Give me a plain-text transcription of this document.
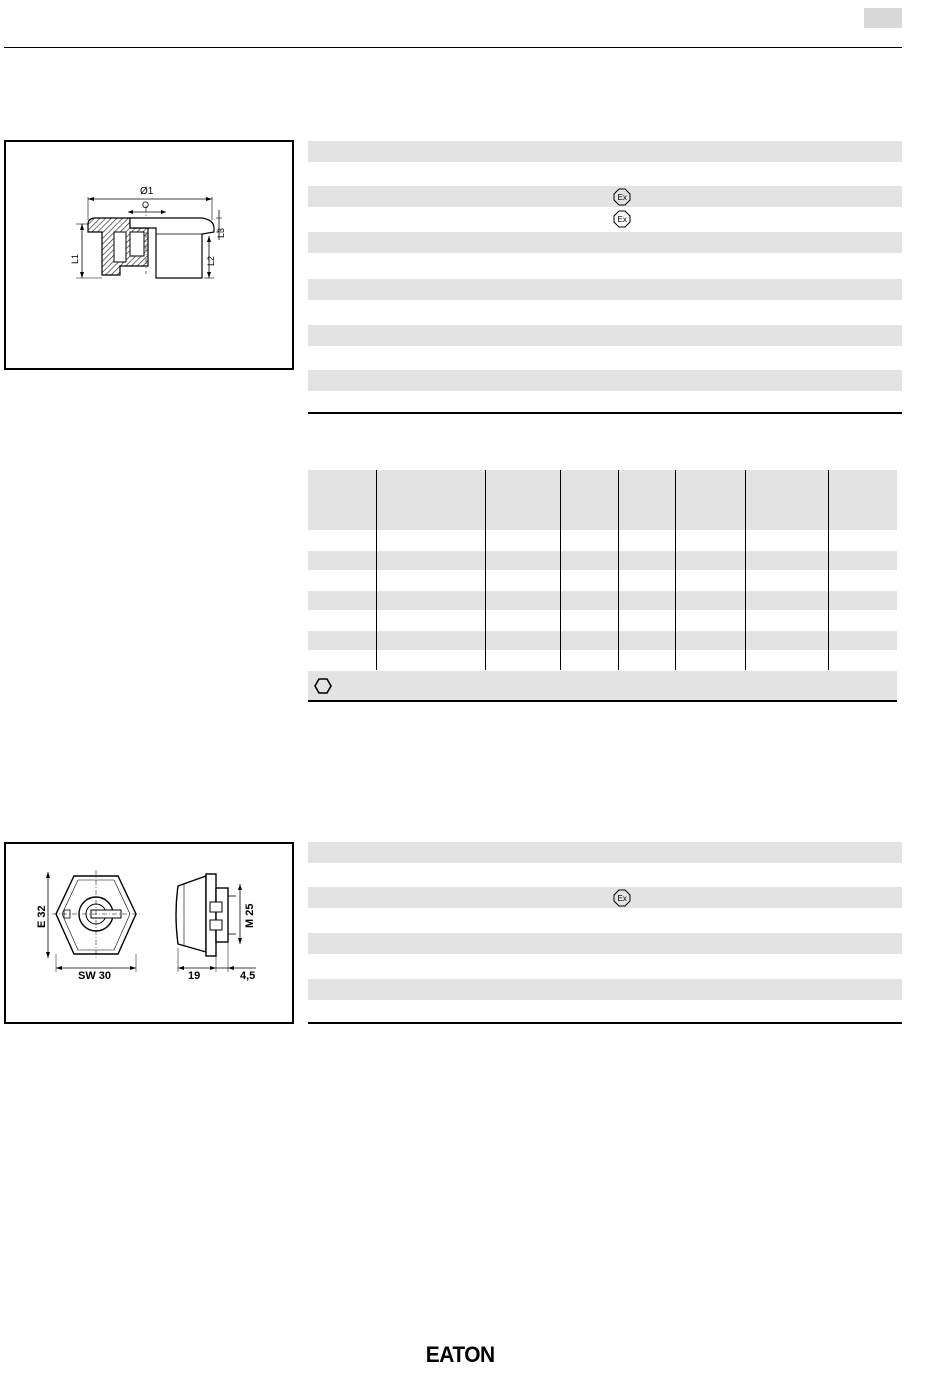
Ø1
O
L3
L2
L1
Ex
Ex
E 32
SW 30
M 25
19	4,5
Ex
EATON
